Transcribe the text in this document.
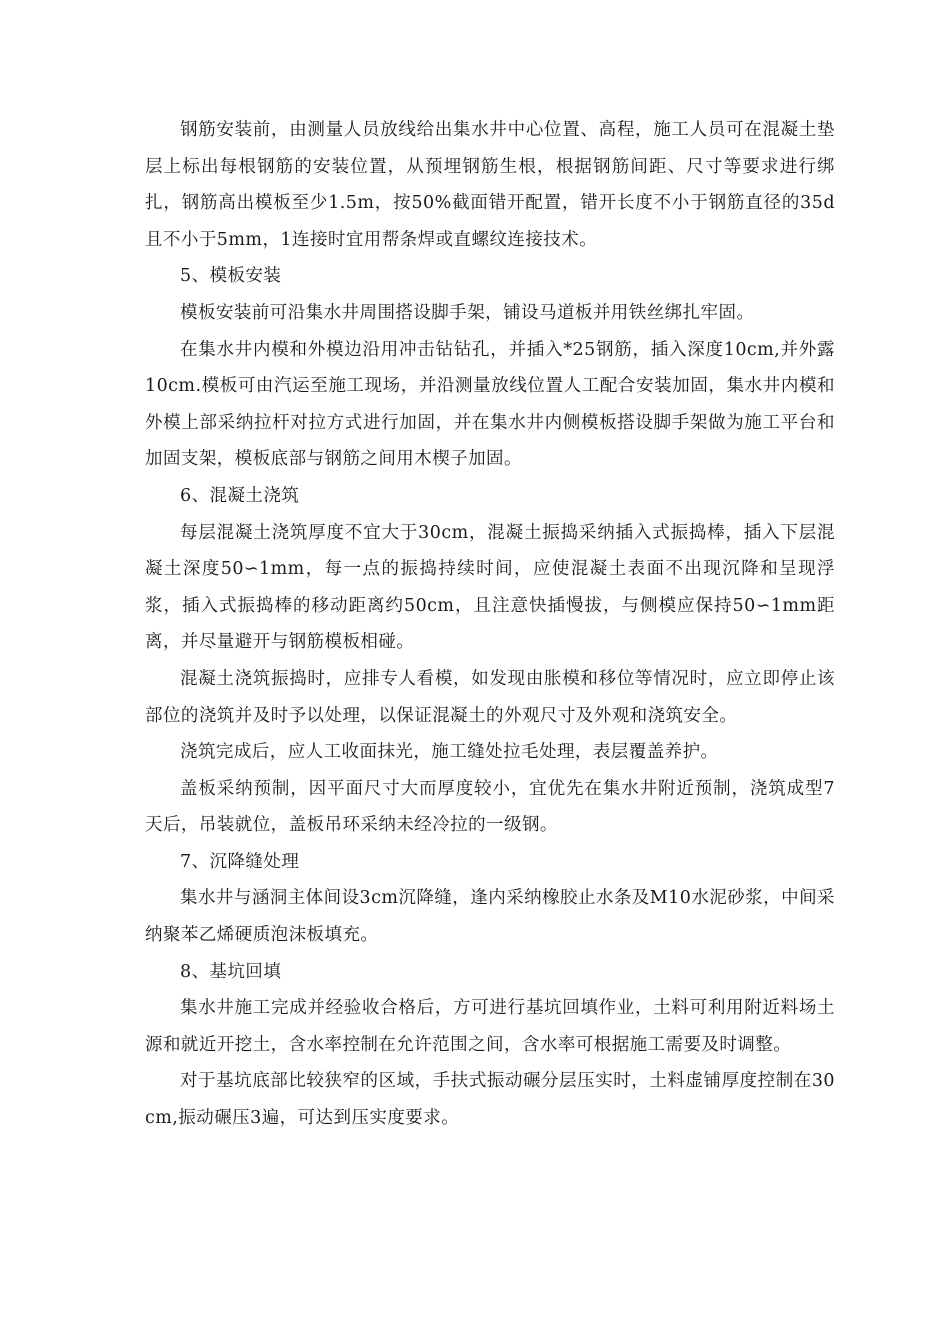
钢筋安装前，由测量人员放线给出集水井中心位置、高程，施工人员可在混凝土垫层上标出每根钢筋的安装位置，从预埋钢筋生根，根据钢筋间距、尺寸等要求进行绑扎，钢筋高出模板至少1.5m，按50%截面错开配置，错开长度不小于钢筋直径的35d且不小于5mm，1连接时宜用帮条焊或直螺纹连接技术。

5、模板安装

模板安装前可沿集水井周围搭设脚手架，铺设马道板并用铁丝绑扎牢固。

在集水井内模和外模边沿用冲击钻钻孔，并插入*25钢筋，插入深度10cm,并外露10cm.模板可由汽运至施工现场，并沿测量放线位置人工配合安装加固，集水井内模和外模上部采纳拉杆对拉方式进行加固，并在集水井内侧模板搭设脚手架做为施工平台和加固支架，模板底部与钢筋之间用木楔子加固。

6、混凝土浇筑

每层混凝土浇筑厚度不宜大于30cm，混凝土振捣采纳插入式振捣棒，插入下层混凝土深度50∽1mm，每一点的振捣持续时间，应使混凝土表面不出现沉降和呈现浮浆，插入式振捣棒的移动距离约50cm，且注意快插慢拔，与侧模应保持50∽1mm距离，并尽量避开与钢筋模板相碰。

混凝土浇筑振捣时，应排专人看模，如发现由胀模和移位等情况时，应立即停止该部位的浇筑并及时予以处理，以保证混凝土的外观尺寸及外观和浇筑安全。

浇筑完成后，应人工收面抹光，施工缝处拉毛处理，表层覆盖养护。

盖板采纳预制，因平面尺寸大而厚度较小，宜优先在集水井附近预制，浇筑成型7天后，吊装就位，盖板吊环采纳未经冷拉的一级钢。

7、沉降缝处理

集水井与涵洞主体间设3cm沉降缝，逢内采纳橡胶止水条及M10水泥砂浆，中间采纳聚苯乙烯硬质泡沫板填充。

8、基坑回填

集水井施工完成并经验收合格后，方可进行基坑回填作业，土料可利用附近料场土源和就近开挖土，含水率控制在允许范围之间，含水率可根据施工需要及时调整。

对于基坑底部比较狭窄的区域，手扶式振动碾分层压实时，土料虚铺厚度控制在30cm,振动碾压3遍，可达到压实度要求。
